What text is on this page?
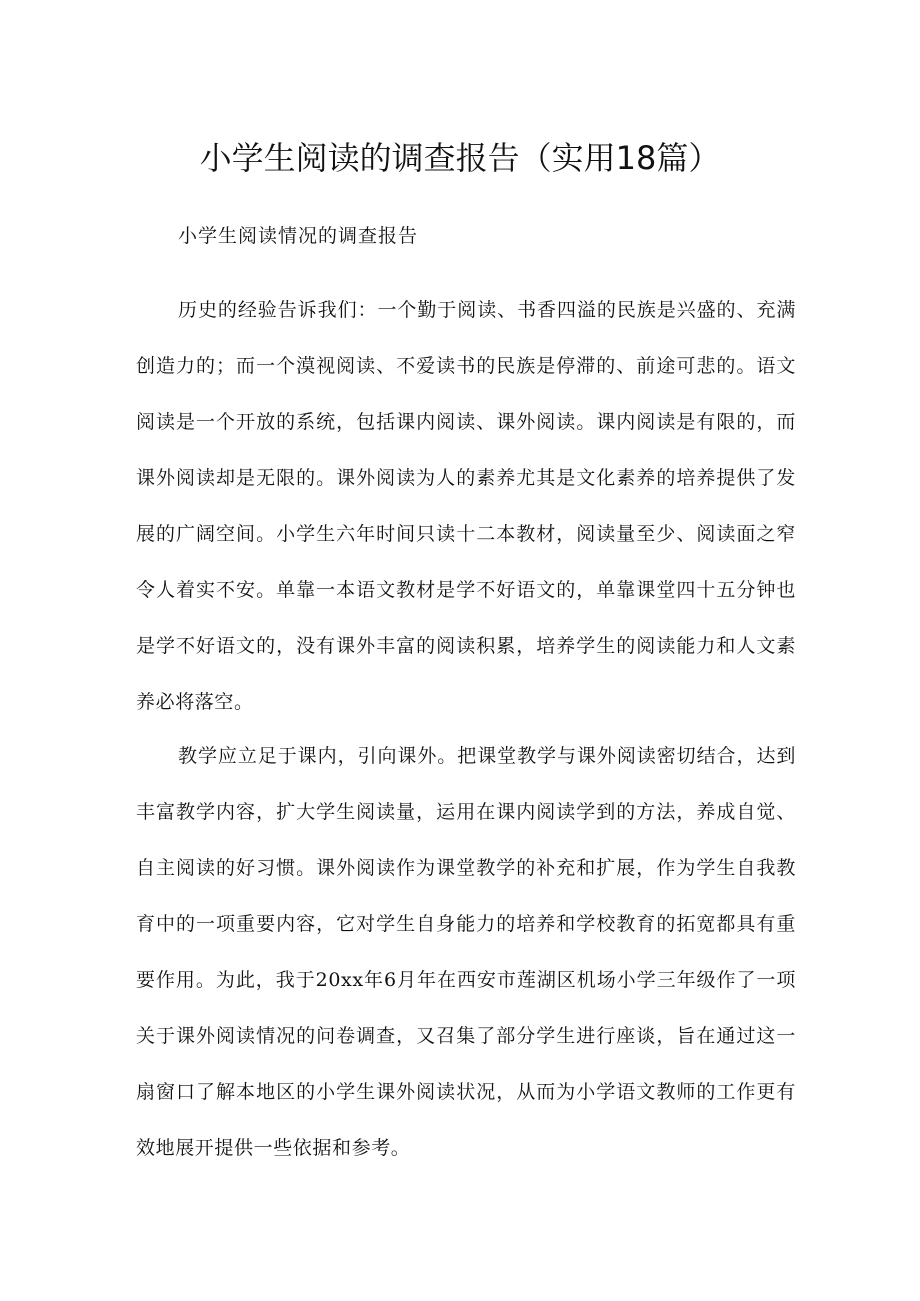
小学生阅读的调查报告（实用18篇）

小学生阅读情况的调查报告

历史的经验告诉我们：一个勤于阅读、书香四溢的民族是兴盛的、充满创造力的；而一个漠视阅读、不爱读书的民族是停滞的、前途可悲的。语文阅读是一个开放的系统，包括课内阅读、课外阅读。课内阅读是有限的，而课外阅读却是无限的。课外阅读为人的素养尤其是文化素养的培养提供了发展的广阔空间。小学生六年时间只读十二本教材，阅读量至少、阅读面之窄令人着实不安。单靠一本语文教材是学不好语文的，单靠课堂四十五分钟也是学不好语文的，没有课外丰富的阅读积累，培养学生的阅读能力和人文素养必将落空。

教学应立足于课内，引向课外。把课堂教学与课外阅读密切结合，达到丰富教学内容，扩大学生阅读量，运用在课内阅读学到的方法，养成自觉、自主阅读的好习惯。课外阅读作为课堂教学的补充和扩展，作为学生自我教育中的一项重要内容，它对学生自身能力的培养和学校教育的拓宽都具有重要作用。为此，我于20xx年6月年在西安市莲湖区机场小学三年级作了一项关于课外阅读情况的问卷调查，又召集了部分学生进行座谈，旨在通过这一扇窗口了解本地区的小学生课外阅读状况，从而为小学语文教师的工作更有效地展开提供一些依据和参考。
